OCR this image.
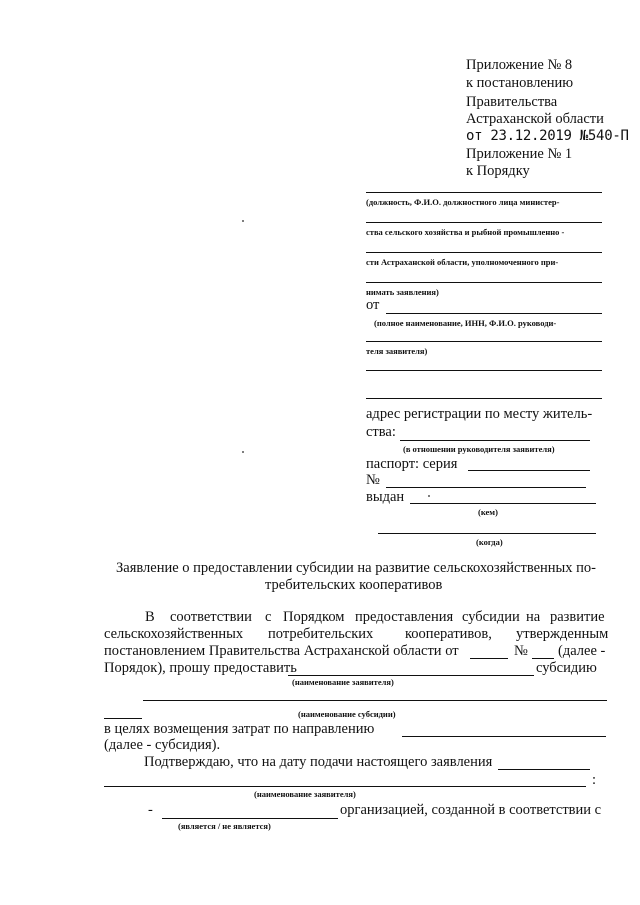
Приложение № 8
к постановлению
Правительства
Астраханской области
от 23.12.2019 №540-П
Приложение № 1
к Порядку
(должность, Ф.И.О. должностного лица министер-
ства сельского хозяйства и рыбной промышленно -
сти Астраханской области, уполномоченного при-
нимать заявления)
от
(полное наименование, ИНН, Ф.И.О. руководи-
теля заявителя)
адрес регистрации по месту житель-
ства:
(в отношении руководителя заявителя)
паспорт: серия
№
выдан
(кем)
(когда)
Заявление о предоставлении субсидии на развитие сельскохозяйственных по-
требительских кооперативов
В соответствии с Порядком предоставления субсидии на развитие
сельскохозяйственных потребительских кооперативов, утвержденным
постановлением Правительства Астраханской области от	№ (далее -
Порядок), прошу предоставить	субсидию
(наименование заявителя)
(наименование субсидии)
в целях возмещения затрат по направлению
(далее - субсидия).
Подтверждаю, что на дату подачи настоящего заявления
:
(наименование заявителя)
-	организацией, созданной в соответствии с
(является / не является)
